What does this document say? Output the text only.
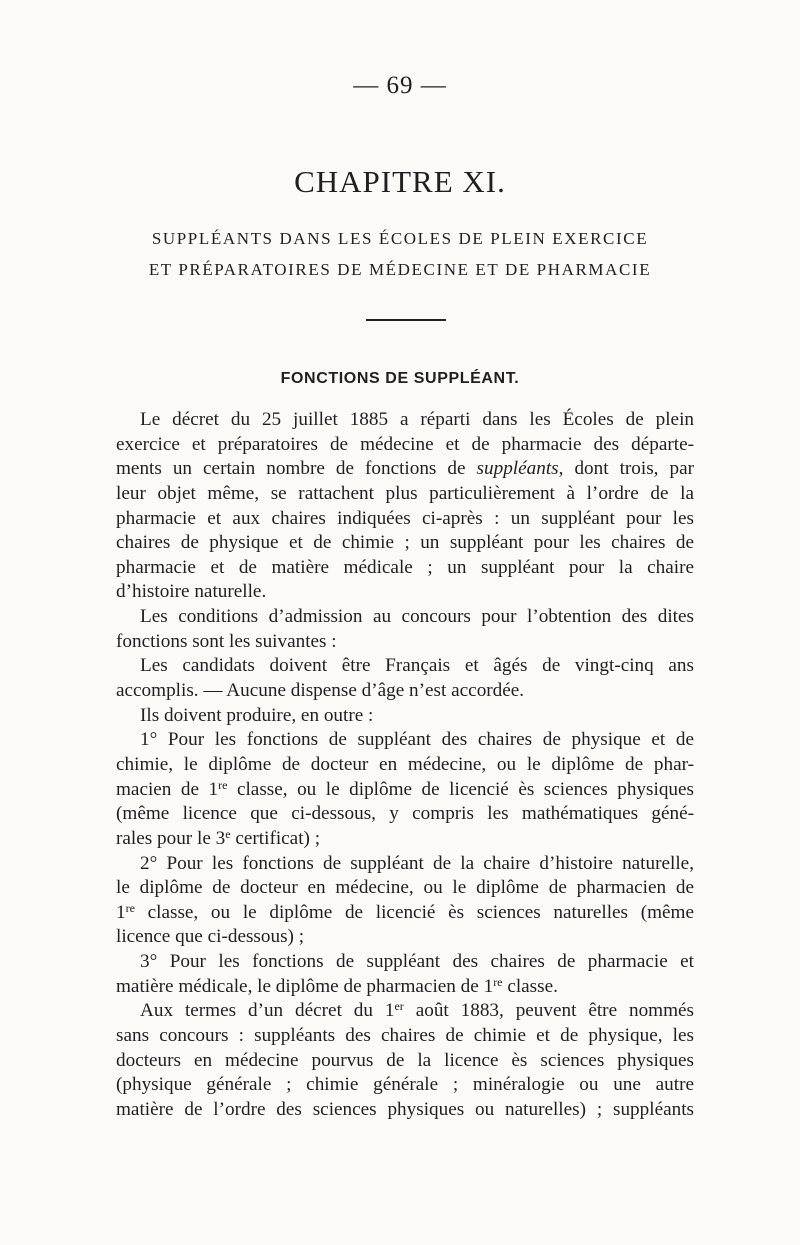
— 69 —
CHAPITRE XI.
SUPPLÉANTS DANS LES ÉCOLES DE PLEIN EXERCICE
ET PRÉPARATOIRES DE MÉDECINE ET DE PHARMACIE
FONCTIONS DE SUPPLÉANT.
Le décret du 25 juillet 1885 a réparti dans les Écoles de plein
exercice et préparatoires de médecine et de pharmacie des départe-
ments un certain nombre de fonctions de suppléants, dont trois, par
leur objet même, se rattachent plus particulièrement à l’ordre de la
pharmacie et aux chaires indiquées ci-après : un suppléant pour les
chaires de physique et de chimie ; un suppléant pour les chaires de
pharmacie et de matière médicale ; un suppléant pour la chaire
d’histoire naturelle.
Les conditions d’admission au concours pour l’obtention des dites
fonctions sont les suivantes :
Les candidats doivent être Français et âgés de vingt-cinq ans
accomplis. — Aucune dispense d’âge n’est accordée.
Ils doivent produire, en outre :
1° Pour les fonctions de suppléant des chaires de physique et de
chimie, le diplôme de docteur en médecine, ou le diplôme de phar-
macien de 1re classe, ou le diplôme de licencié ès sciences physiques
(même licence que ci-dessous, y compris les mathématiques géné-
rales pour le 3e certificat) ;
2° Pour les fonctions de suppléant de la chaire d’histoire naturelle,
le diplôme de docteur en médecine, ou le diplôme de pharmacien de
1re classe, ou le diplôme de licencié ès sciences naturelles (même
licence que ci-dessous) ;
3° Pour les fonctions de suppléant des chaires de pharmacie et
matière médicale, le diplôme de pharmacien de 1re classe.
Aux termes d’un décret du 1er août 1883, peuvent être nommés
sans concours : suppléants des chaires de chimie et de physique, les
docteurs en médecine pourvus de la licence ès sciences physiques
(physique générale ; chimie générale ; minéralogie ou une autre
matière de l’ordre des sciences physiques ou naturelles) ; suppléants
